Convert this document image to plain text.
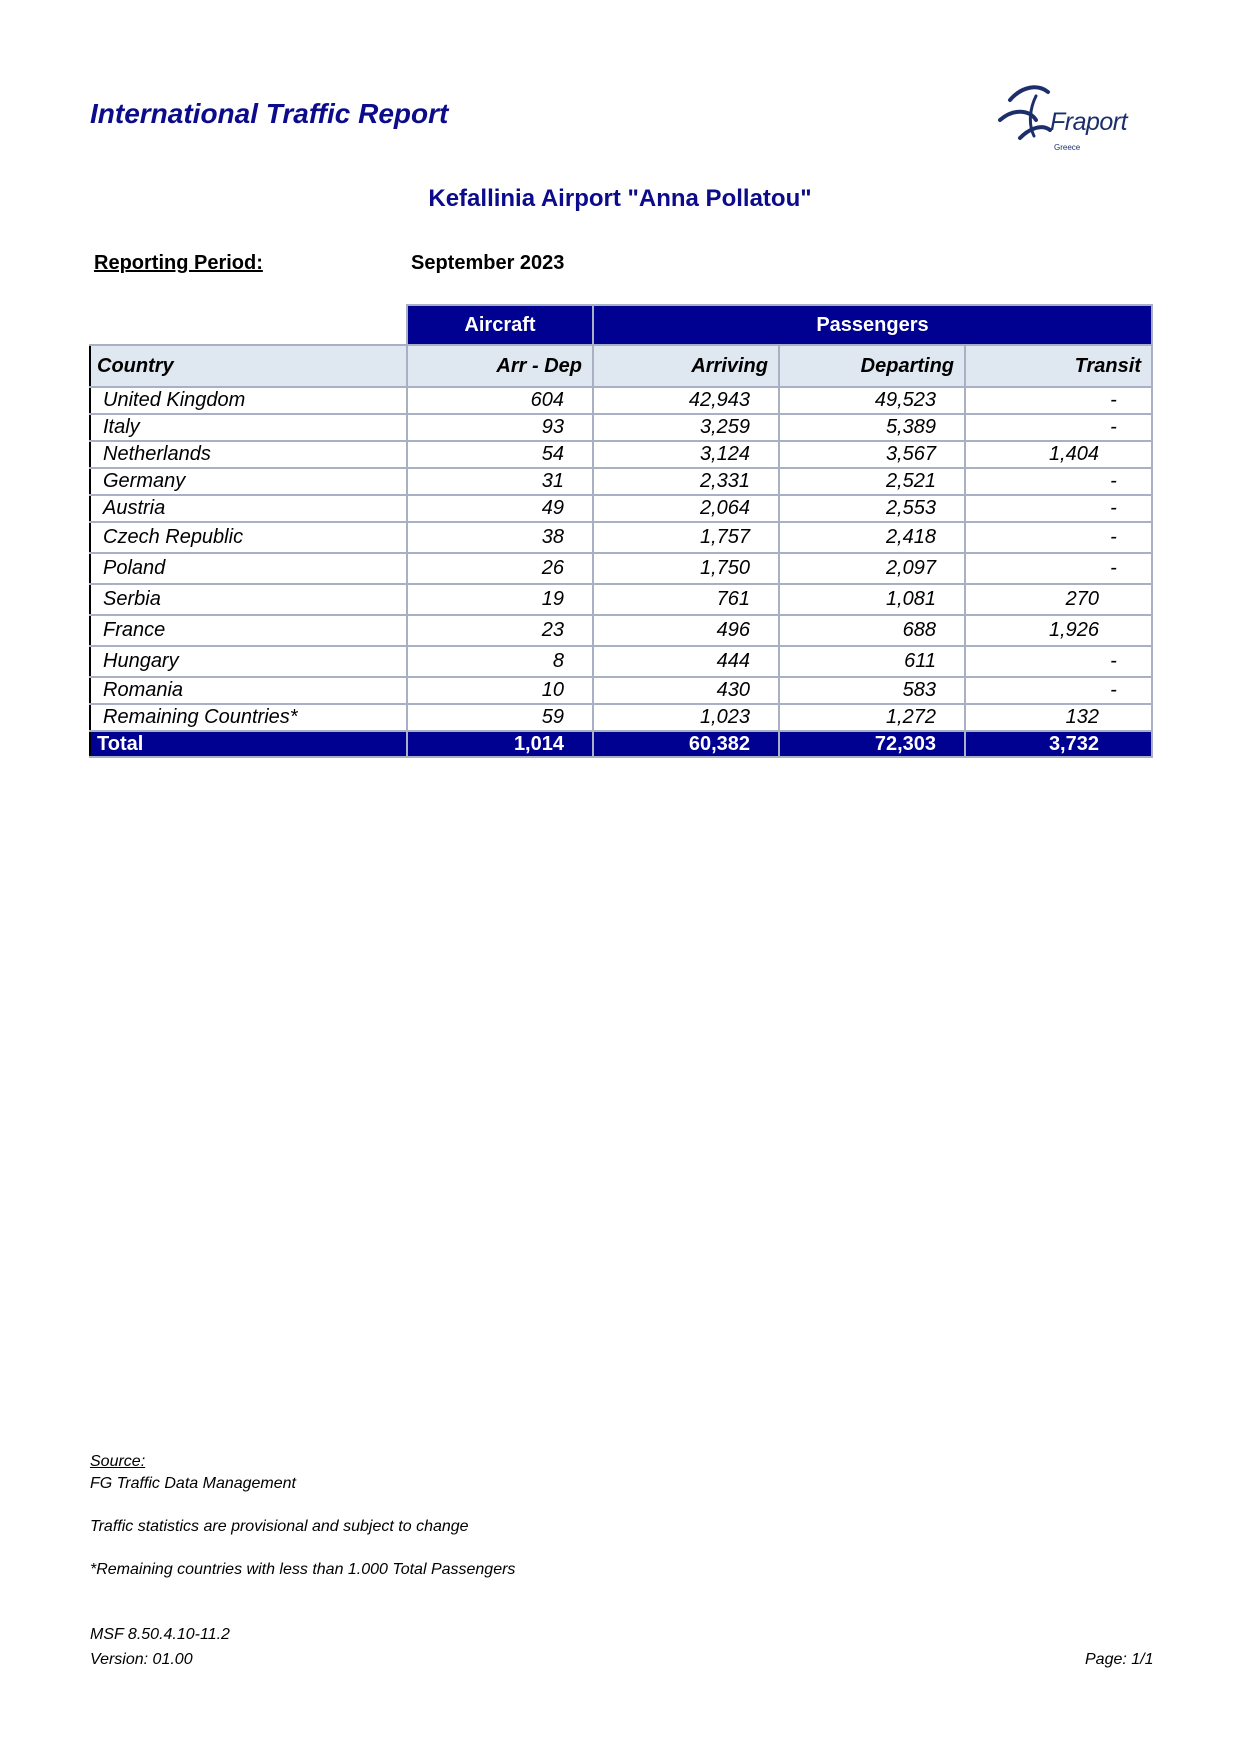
International Traffic Report	Fraport
Greece
Kefallinia Airport "Anna Pollatou"
Reporting Period:	September 2023
	Aircraft	Passengers		
Country	Arr - Dep	Arriving	Departing	Transit
United Kingdom	604	42,943	49,523	-
Italy	93	3,259	5,389	-
Netherlands	54	3,124	3,567	1,404
Germany	31	2,331	2,521	-
Austria	49	2,064	2,553	-
Czech Republic	38	1,757	2,418	-
Poland	26	1,750	2,097	-
Serbia	19	761	1,081	270
France	23	496	688	1,926
Hungary	8	444	611	-
Romania	10	430	583	-
Remaining Countries*	59	1,023	1,272	132
Total	1,014	60,382	72,303	3,732
Source:
FG Traffic Data Management
Traffic statistics are provisional and subject to change
*Remaining countries with less than 1.000 Total Passengers
MSF 8.50.4.10-11.2
Version: 01.00	Page: 1/1
